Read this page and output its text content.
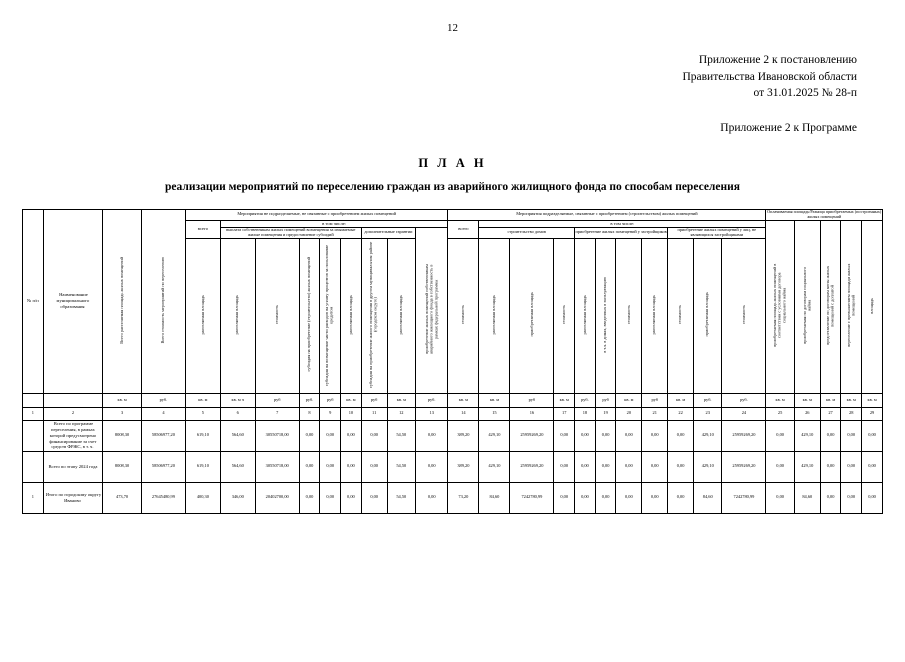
12
Приложение 2 к постановлению
Правительства Ивановской области
от 31.01.2025 № 28-п
Приложение 2 к Программе
П Л А Н
реализации мероприятий по переселению граждан из аварийного жилищного фонда по способам переселения
№ п/п	Наименование муниципального образования	Всего расселяемая площадь жилых помещений	Всего стоимость мероприятий по переселению	Мероприятия не подразделяемые, не связанные с приобретением жилых помещений									Мероприятия подразделяемые, связанные с приобретением (строительством) жилых помещений											Оплачиваемая площадь/Разница приобретаемых (построенных) жилых помещений				
				всего	в том числе:								всего	в том числе:										приобретаемая площадь жилых помещений в соответствии с условиями договора социального найма	приобретаемая по договорам социального найма	предоставление по договорам мены жилых помещений с доплатой	переселение с превышением площади жилых помещений	площадь
					выплата собственникам жилых помещений возмещения за изымаемые жилые помещения и предоставление субсидий					дополнительные гарантии		приобретение жилых помещений собственникам аварийного жилищного фонда в собственность в рамках федеральной программы		строительство домов			приобретение жилых помещений у застройщиков				приобретение жилых помещений у лиц, не являющихся застройщиками							
				расселяемая площадь	расселяемая площадь	стоимость	субсидия на приобретение (строительство) жилых помещений	субсидия на возмещение части расходов на уплату процентов за пользование кредитом	расселяемая площадь	субсидия на приобретение жилого помещения в другом муниципальном районе (городском округе)	расселяемая площадь		стоимость	расселяемая площадь	приобретаемая площадь	стоимость	расселяемая площадь	в т.ч. в домах, введенных в эксплуатацию	стоимость	расселяемая площадь	стоимость	приобретаемая площадь	стоимость					

		кв. м	руб.	кв. м	кв. м ч	руб	руб.	руб	кв. м	руб	кв. м	руб.	кв. м	кв. м	руб	кв. м	руб.	руб	кв. м	руб	кв. м	руб.	руб.	кв. м	кв. м	кв. м	кв. м	кв. м
1	2	3	4	5	6	7	8	9	10	11	12	13	14	15	16	17	18	19	20	21	22	23	24	25	26	27	28	29
	Всего по программе переселения, в рамках которой предусмотрено финансирование за счет средств ФРЖС, в т. ч.	8008,30	58506977,20	619,10	564,60	30550718,00	0,00	0,00	0,00	0,00	54,50	0,00	389,20	429,10	25959269,20	0,00	0,00	0,00	0,00	0,00	0,00	429,10	25959269,20	0,00	429,10	0,00	0,00	0,00
	Всего по этапу 2024 года	8008,30	58506977,20	619,10	564,60	30550718,00	0,00	0,00	0,00	0,00	54,50	0,00	389,20	429,10	25959269,20	0,00	0,00	0,00	0,00	0,00	0,00	429,10	25959269,20	0,00	429,10	0,00	0,00	0,00
1	Итого по городскому округу Иваново	473,70	27645480,99	400,30	346,00	20402700,00	0,00	0,00	0,00	0,00	54,50	0,00	73,20	84,60	7242780,99	0,00	0,00	0,00	0,00	0,00	0,00	84,60	7242780,99	0,00	84,60	0,00	0,00	0,00
